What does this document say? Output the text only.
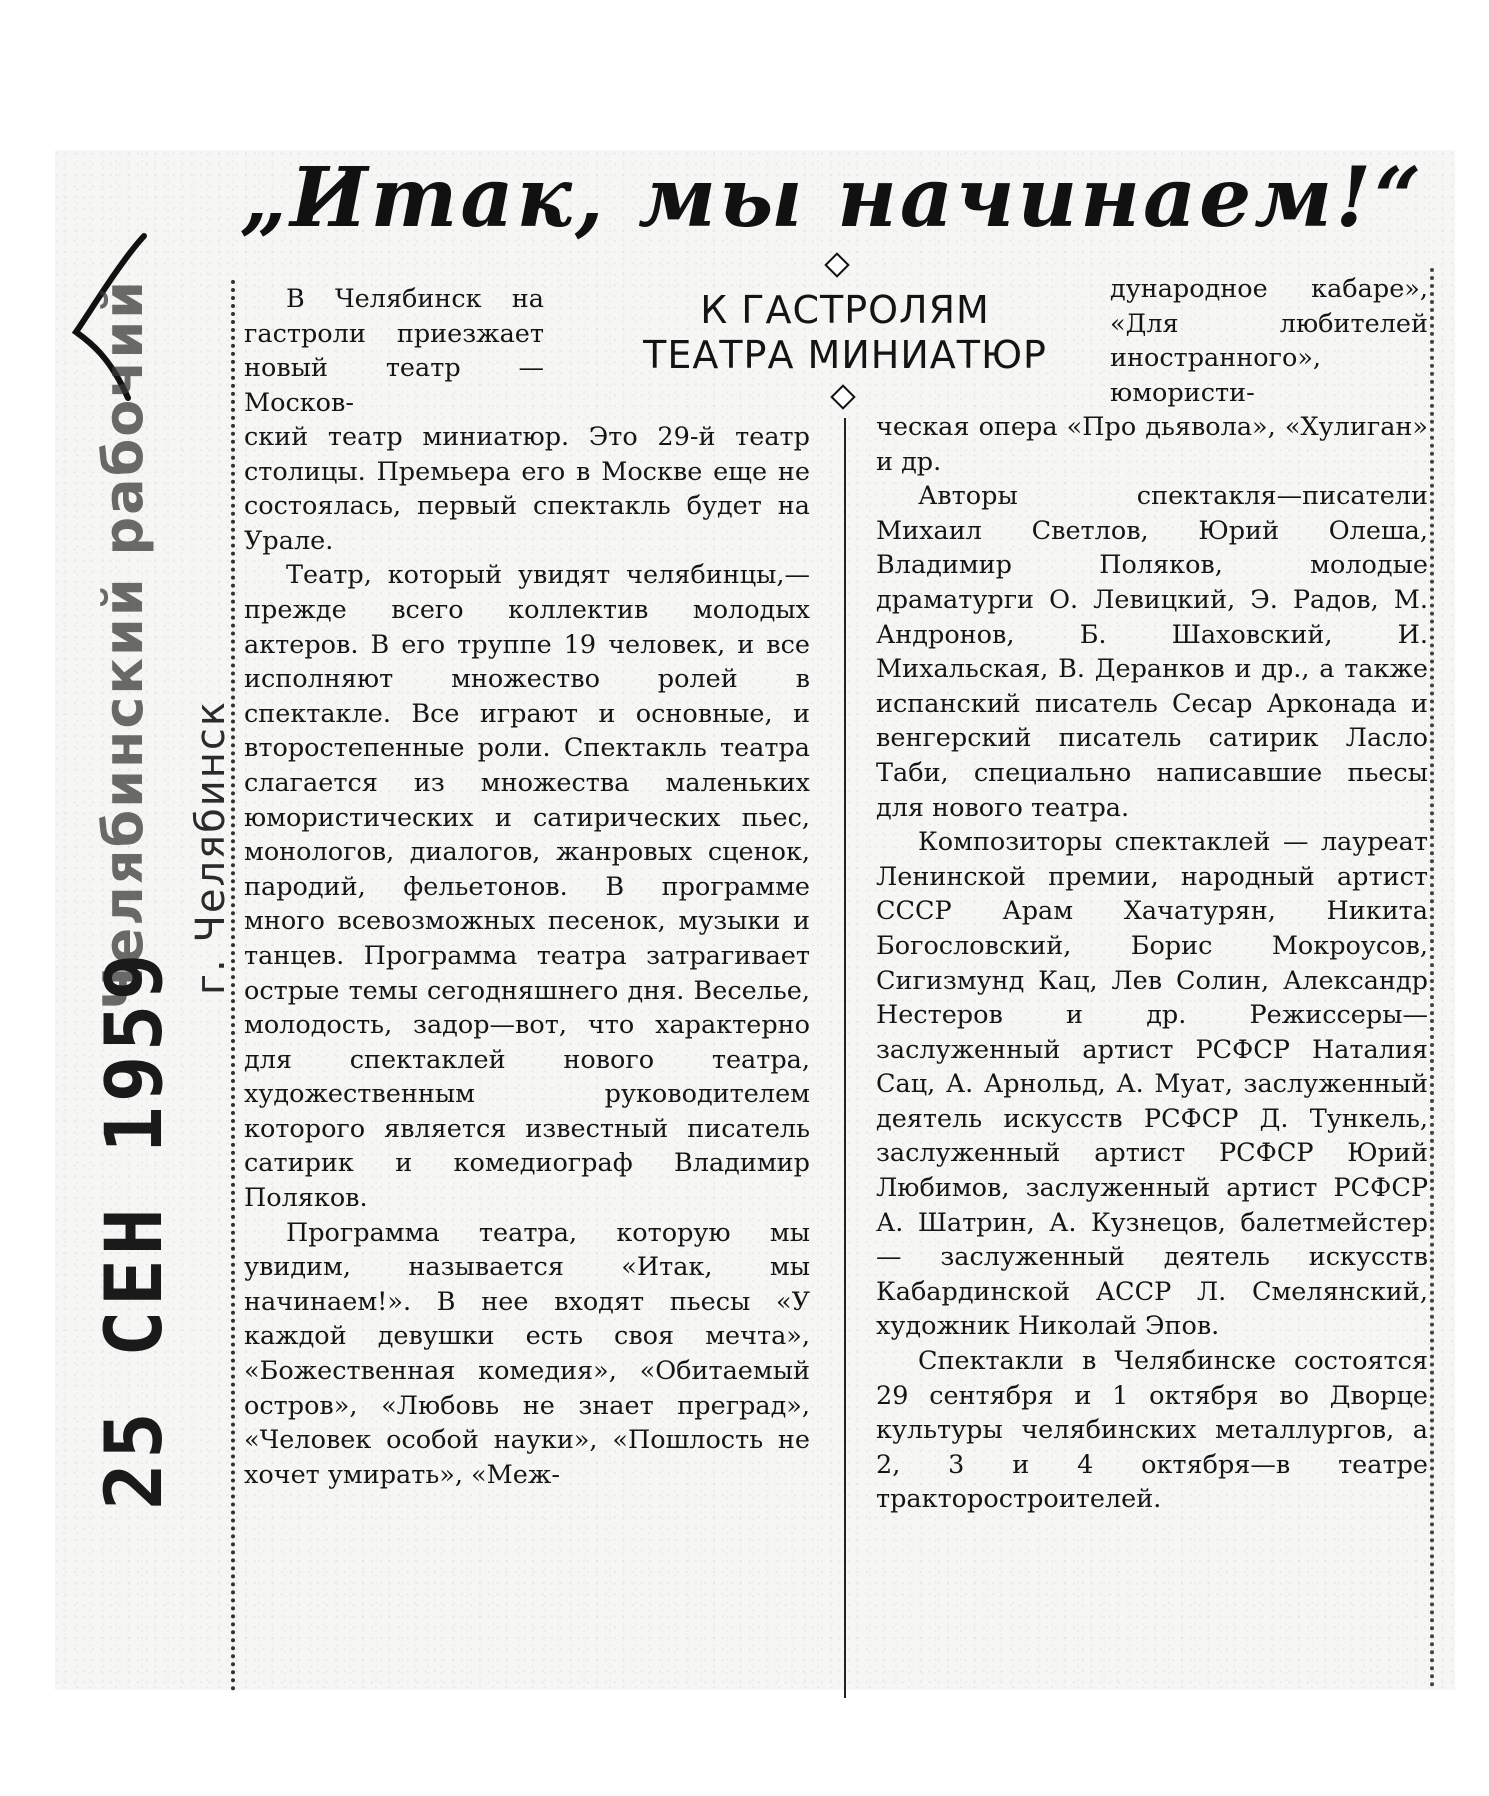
Челябинский рабочий г. Челябинск
25 СЕН 1959
„Итак, мы начинаем!“
К ГАСТРОЛЯМ
ТЕАТРА МИНИАТЮР

В Челябинск на гастроли приезжает новый театр — Москов-

ский театр миниатюр. Это 29-й театр столицы. Премьера его в Москве еще не состоялась, первый спектакль будет на Урале.

Театр, который увидят челябинцы,—прежде всего коллектив молодых актеров. В его труппе 19 человек, и все исполняют множество ролей в спектакле. Все играют и основные, и второстепенные роли. Спектакль театра слагается из множества маленьких юмористических и сатирических пьес, монологов, диалогов, жанровых сценок, пародий, фельетонов. В программе много всевозможных песенок, музыки и танцев. Программа театра затрагивает острые темы сегодняшнего дня. Веселье, молодость, задор—вот, что характерно для спектаклей нового театра, художественным руководителем которого является известный писатель сатирик и комедиограф Владимир Поляков.

Программа театра, которую мы увидим, называется «Итак, мы начинаем!». В нее входят пьесы «У каждой девушки есть своя мечта», «Божественная комедия», «Обитаемый остров», «Любовь не знает преград», «Человек особой науки», «Пошлость не хочет умирать», «Меж-

дународное кабаре», «Для любителей иностранного», юмористи-

ческая опера «Про дьявола», «Хулиган» и др.

Авторы спектакля—писатели Михаил Светлов, Юрий Олеша, Владимир Поляков, молодые драматурги О. Левицкий, Э. Радов, М. Андронов, Б. Шаховский, И. Михальская, В. Деранков и др., а также испанский писатель Сесар Арконада и венгерский писатель сатирик Ласло Таби, специально написавшие пьесы для нового театра.

Композиторы спектаклей — лауреат Ленинской премии, народный артист СССР Арам Хачатурян, Никита Богословский, Борис Мокроусов, Сигизмунд Кац, Лев Солин, Александр Нестеров и др. Режиссеры—заслуженный артист РСФСР Наталия Сац, А. Арнольд, А. Муат, заслуженный деятель искусств РСФСР Д. Тункель, заслуженный артист РСФСР Юрий Любимов, заслуженный артист РСФСР А. Шатрин, А. Кузнецов, балетмейстер — заслуженный деятель искусств Кабардинской АССР Л. Смелянский, художник Николай Эпов.

Спектакли в Челябинске состоятся 29 сентября и 1 октября во Дворце культуры челябинских металлургов, а 2, 3 и 4 октября—в театре тракторостроителей.
